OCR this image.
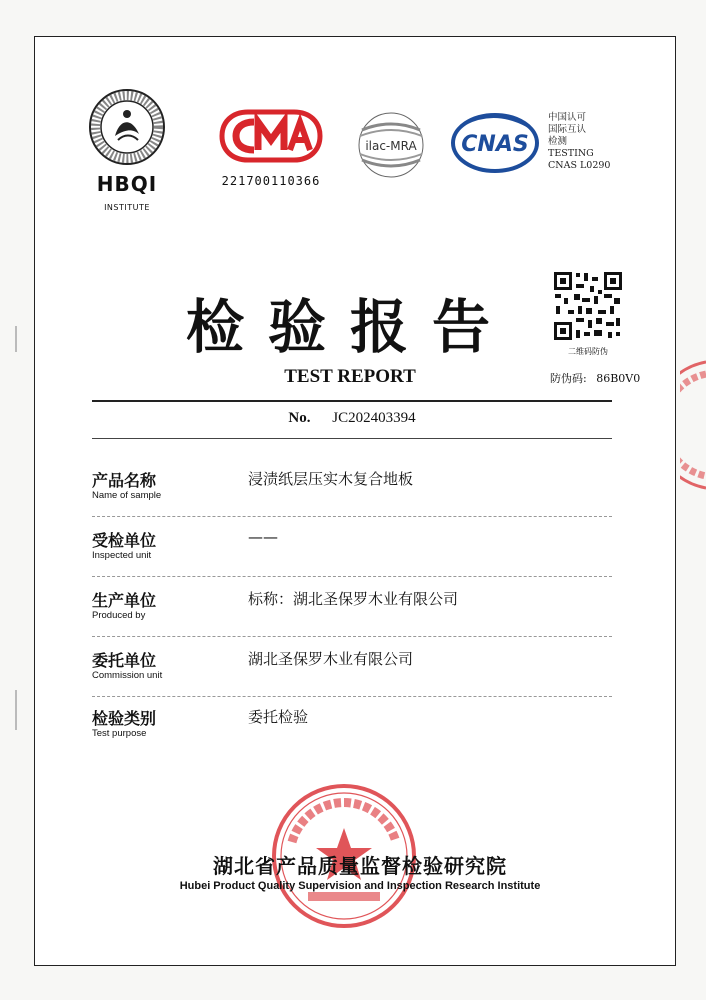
HBQI
INSTITUTE
221700110366
ilac-MRA CNAS
中国认可
国际互认
检测
TESTING
CNAS L0290
二维码防伪
防伪码: 86B0V0
检验报告
TEST REPORT
No. JC202403394
产品名称
Name of sample
浸渍纸层压实木复合地板
受检单位
Inspected unit
——
生产单位
Produced by
标称：湖北圣保罗木业有限公司
委托单位
Commission unit
湖北圣保罗木业有限公司
检验类别
Test purpose
委托检验
湖北省产品质量监督检验研究院
Hubei Product Quality Supervision and Inspection Research Institute
